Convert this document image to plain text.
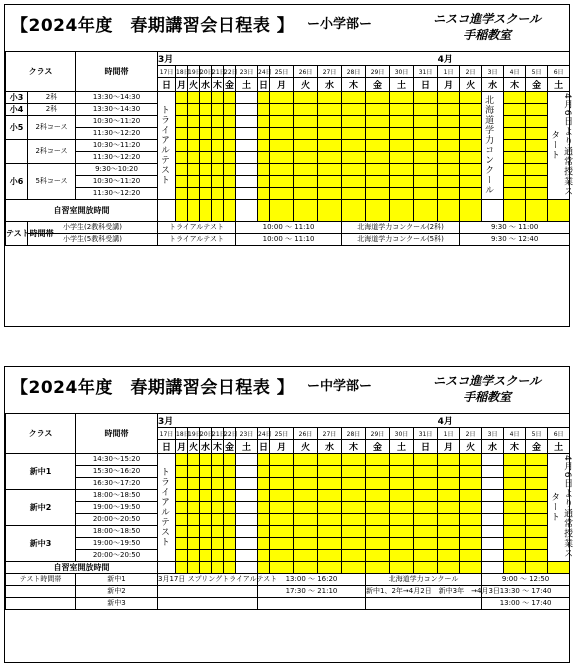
【2024年度　春期講習会日程表 】 ー小学部ー	ニスコ進学スクール
手稲教室
クラス		時間帯	3月															4月					
			17日	18日	19日	20日	21日	22日	23日	24日	25日	26日	27日	28日	29日	30日	31日	1日	2日	3日	4日	5日	6日
			日	月	火	水	木	金	土	日	月	火	水	木	金	土	日	月	火	水	木	金	土
小3	2科	13:30～14:30	トライアルテスト																	北海道学力コンクール			4月6日より通常授業スタート

小4	2科	13:30～14:30																					
小5	2科コース	10:30～11:20																					
		11:30～12:20																					
	2科コース	10:30～11:20																					
		11:30～12:20																					
小6	5科コース	9:30～10:20																					
		10:30～11:20																					
		11:30～12:20																					
自習室開放時間																							
テスト時間帯	小学生(2教科受講)		トライアルテスト						10:00 ～ 11:10					北海道学力コンクール(2科)					9:30 ～ 11:00				
	小学生(5教科受講)		トライアルテスト						10:00 ～ 11:10					北海道学力コンクール(5科)					9:30 ～ 12:40				
【2024年度　春期講習会日程表 】 ー中学部ー	ニスコ進学スクール
手稲教室
クラス	時間帯	3月															4月					
		17日	18日	19日	20日	21日	22日	23日	24日	25日	26日	27日	28日	29日	30日	31日	1日	2日	3日	4日	5日	6日
		日	月	火	水	木	金	土	日	月	火	水	木	金	土	日	月	火	水	木	金	土
新中1	14:30～15:20	トライアルテスト																				4月6日より通常授業スタート

	15:30～16:20																					
	16:30～17:20																					
新中2	18:00～18:50																					
	19:00～19:50																					
	20:00～20:50																					
新中3	18:00～18:50																					
	19:00～19:50																					
	20:00～20:50																					
自習室開放時間																						
テスト時間帯	新中1	3月17日 スプリングトライアルテスト							13:00 ～ 16:20					北海道学力コンクール					9:00 ～ 12:50			
	新中2								17:30 ～ 21:10					新中1、2年→4月2日　新中3年　→4月3日					13:30 ～ 17:40			
	新中3																		13:00 ～ 17:40			
